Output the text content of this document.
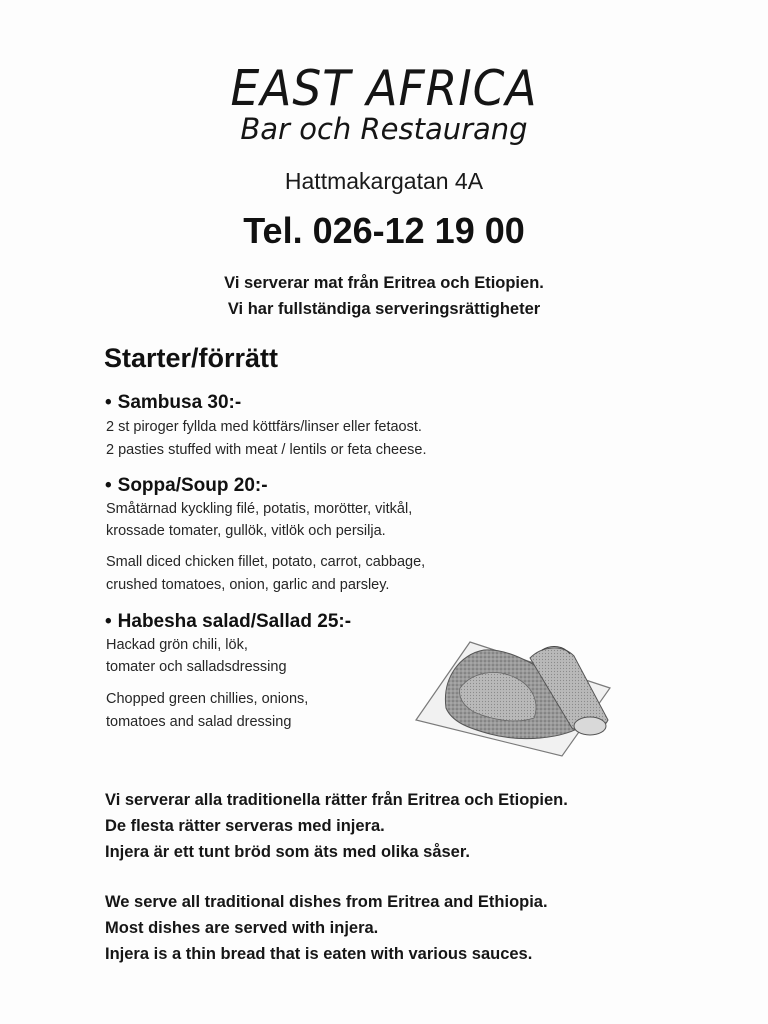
EAST AFRICA
Bar och Restaurang
Hattmakargatan 4A
Tel. 026-12 19 00
Vi serverar mat från Eritrea och Etiopien.
Vi har fullständiga serveringsrättigheter
Starter/förrätt
• Sambusa 30:-
2 st piroger fyllda med köttfärs/linser eller fetaost.
2 pasties stuffed with meat / lentils or feta cheese.
• Soppa/Soup 20:-
Småtärnad kyckling filé, potatis, morötter, vitkål,
krossade tomater, gullök, vitlök och persilja.
Small diced chicken fillet, potato, carrot, cabbage,
crushed tomatoes, onion, garlic and parsley.
• Habesha salad/Sallad 25:-
Hackad grön chili, lök,
tomater och salladsdressing
Chopped green chillies, onions,
tomatoes and salad dressing
Vi serverar alla traditionella rätter från Eritrea och Etiopien.
De flesta rätter serveras med injera.
Injera är ett tunt bröd som äts med olika såser.
We serve all traditional dishes from Eritrea and Ethiopia.
Most dishes are served with injera.
Injera is a thin bread that is eaten with various sauces.
